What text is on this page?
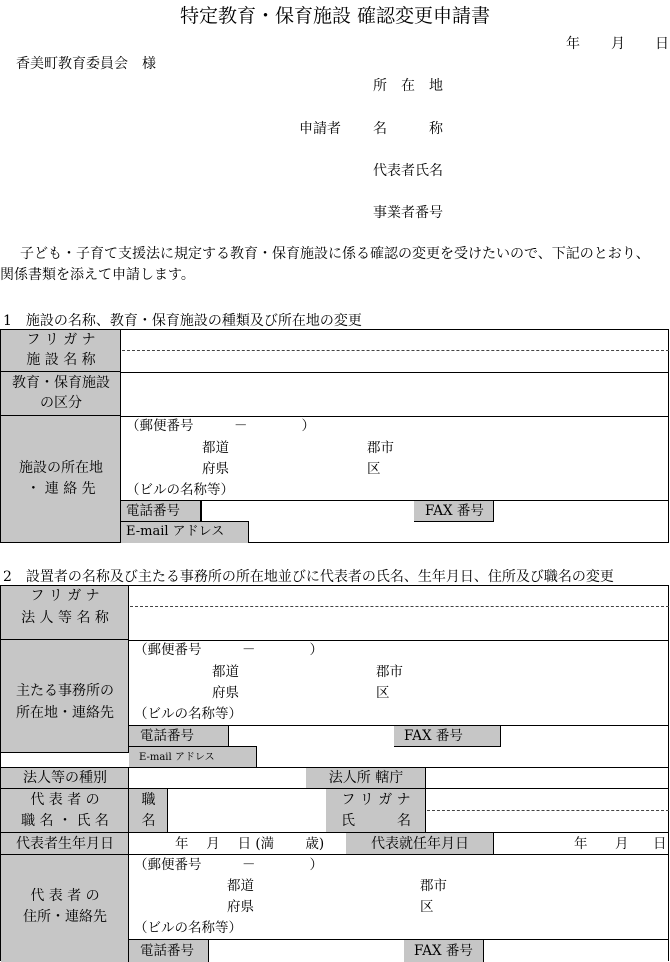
特定教育・保育施設 確認変更申請書
年 月 日
香美町教育委員会　様
申請者
所　在　地
名　　　称
代表者氏名
事業者番号
子ども・子育て支援法に規定する教育・保育施設に係る確認の変更を受けたいので、下記のとおり、
関係書類を添えて申請します。
1　施設の名称、教育・保育施設の種類及び所在地の変更
フ リ ガ ナ
施 設 名 称
教育・保育施設
の区分
施設の所在地
・ 連 絡 先
（郵便番号　　　－　　　　）
都道
府県
郡市
区
（ビルの名称等）
電話番号	FAX 番号
E-mail アドレス
2　設置者の名称及び主たる事務所の所在地並びに代表者の氏名、生年月日、住所及び職名の変更
フ リ ガ ナ
法 人 等 名 称
主たる事務所の
所在地・連絡先
（郵便番号　　　－　　　　）
都道
府県
郡市
区
（ビルの名称等）
電話番号	FAX 番号
E-mail アドレス
法人等の種別	法人所 轄庁
代 表 者 の
職 名 ・ 氏 名
職
名
フ リ ガ ナ
氏　　　名
代表者生年月日	年　 月　 日 (満　　 歳)	代表就任年月日	年 月 日
代 表 者 の
住所・連絡先
（郵便番号　　　－　　　　）
都道
府県
郡市
区
（ビルの名称等）
電話番号	FAX 番号
